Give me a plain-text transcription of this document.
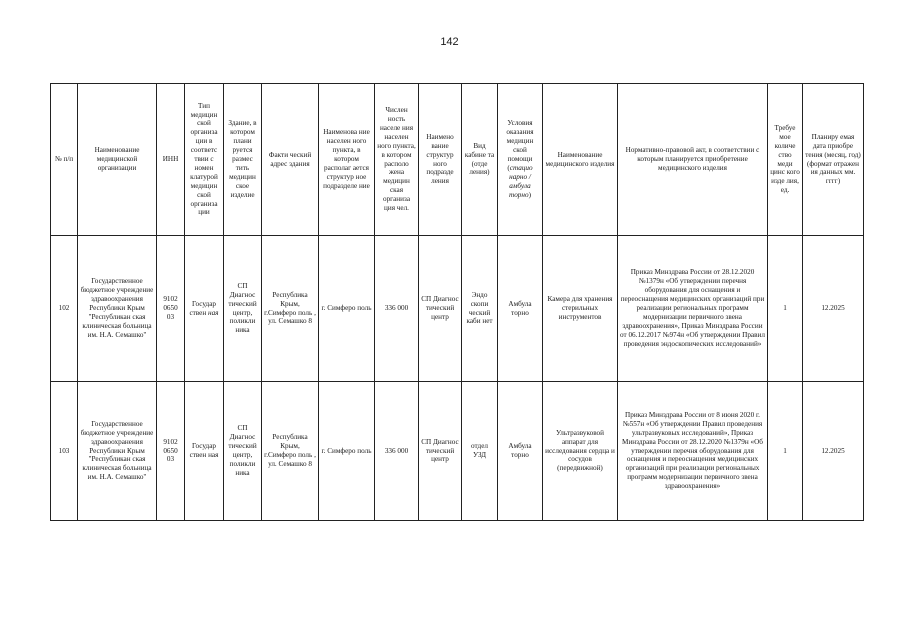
142
№ п/п	Наименование медицинской организации	ИНН	Тип медицин ской организа ции в соответс твии с номен клатурой медицин ской организа ции	Здание, в котором плани руется размес тить медицин ское изделие	Факти ческий адрес здания	Наименова ние населен ного пункта, в котором располаг ается структур ное подразделе ние	Числен ность населе ния населен ного пункта, в котором располо жена медицин ская организа ция чел.	Наимено вание структур ного подразде ления	Вид кабине та (отде ления)	Условия оказания медицин ской помощи (стацио нарно / амбула торно)	Наименование медицинского изделия	Нормативно-правовой акт, в соответствии с которым планируется приобретение медицинского изделия	Требуе мое количе ство меди цинс кого изде лия, ед.	Планиру емая дата приобре тения (месяц, год) (формат отражен ия данных мм. гггг)
102	Государственное бюджетное учреждение здравоохранения Республики Крым "Республикан ская клиническая больница им. Н.А. Семашко"	9102 0650 03	Государ ствен ная	СП Диагнос тический центр, поликли ника	Республика Крым, г.Симферо поль , ул. Семашко 8	г. Симферо поль	336 000	СП Диагнос тический центр	Эндо скопи ческий каби нет	Амбула торно	Камера для хранения стерильных инструментов	Приказ Минздрава России от 28.12.2020 №1379н «Об утверждении перечня оборудования для оснащения и переоснащения медицинских организаций при реализации региональных программ модернизации первичного звена здравоохранения», Приказ Минздрава России от 06.12.2017 №974н «Об утверждении Правил проведения эндоскопических исследований»	1	12.2025
103	Государственное бюджетное учреждение здравоохранения Республики Крым "Республикан ская клиническая больница им. Н.А. Семашко"	9102 0650 03	Государ ствен ная	СП Диагнос тический центр, поликли ника	Республика Крым, г.Симферо поль , ул. Семашко 8	г. Симферо поль	336 000	СП Диагнос тический центр	отдел УЗД	Амбула торно	Ультразвуковой аппарат для исследования сердца и сосудов (передвижной)	Приказ Минздрава России от 8 июня 2020 г. №557н «Об утверждении Правил проведения ультразвуковых исследований», Приказ Минздрава России от 28.12.2020 №1379н «Об утверждении перечня оборудования для оснащения и переоснащения медицинских организаций при реализации региональных программ модернизации первичного звена здравоохранения»	1	12.2025
